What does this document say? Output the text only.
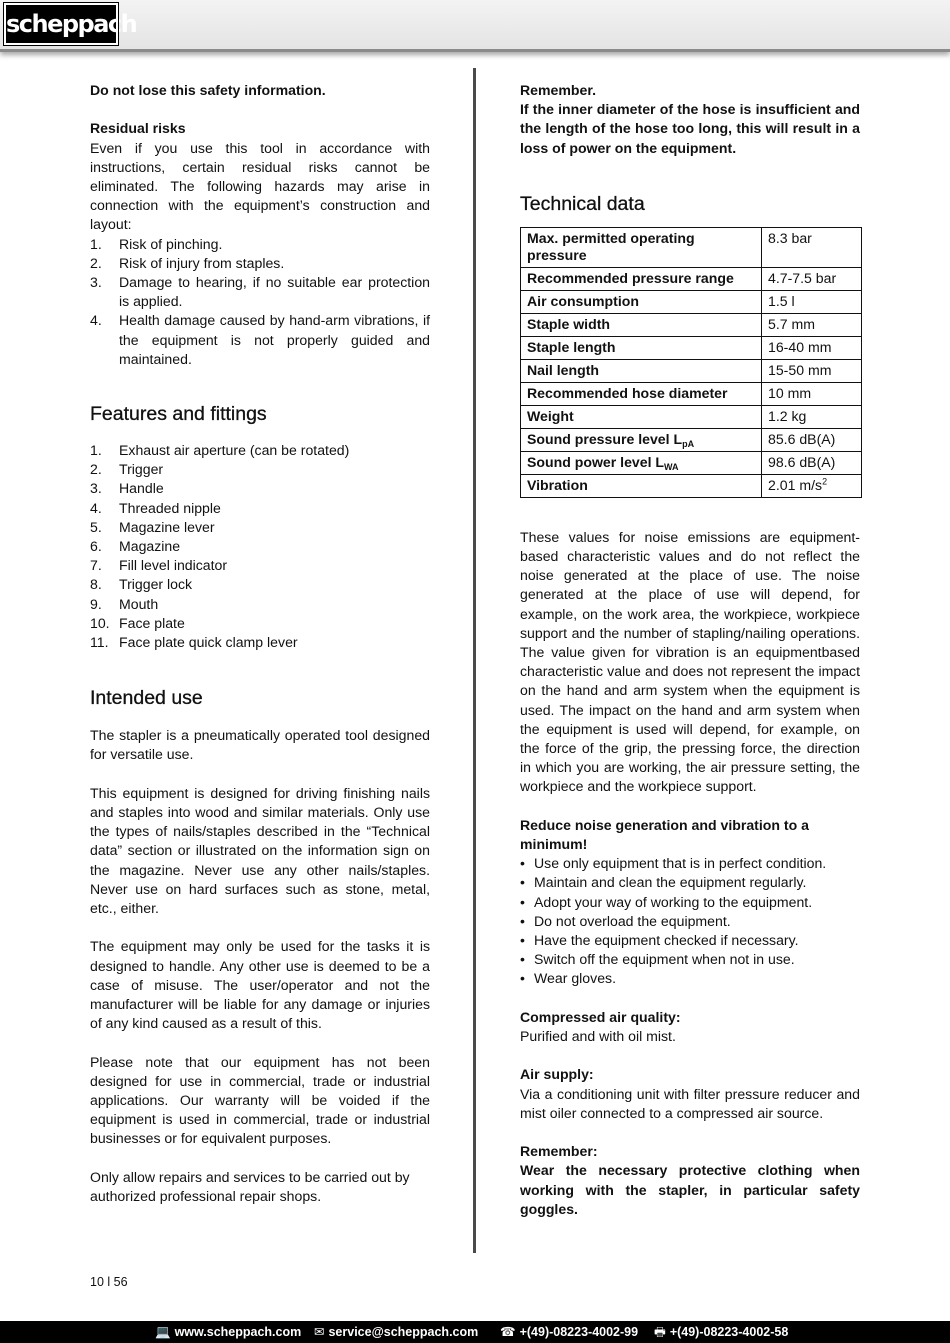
scheppach

Do not lose this safety information.

Residual risks

Even if you use this tool in accordance with instructions, certain residual risks cannot be eliminated. The following hazards may arise in connection with the equipment’s construction and layout:

1. Risk of pinching.
2. Risk of injury from staples.
3. Damage to hearing, if no suitable ear protection is applied.
4. Health damage caused by hand-arm vibrations, if the equipment is not properly guided and maintained.
Features and fittings
1. Exhaust air aperture (can be rotated)
2. Trigger
3. Handle
4. Threaded nipple
5. Magazine lever
6. Magazine
7. Fill level indicator
8. Trigger lock
9. Mouth
10. Face plate
11. Face plate quick clamp lever
Intended use

The stapler is a pneumatically operated tool designed for versatile use.

This equipment is designed for driving finishing nails and staples into wood and similar materials. Only use the types of nails/staples described in the “Technical data” section or illustrated on the information sign on the magazine. Never use any other nails/staples. Never use on hard surfaces such as stone, metal, etc., either.

The equipment may only be used for the tasks it is designed to handle. Any other use is deemed to be a case of misuse. The user/operator and not the manufacturer will be liable for any damage or injuries of any kind caused as a result of this.

Please note that our equipment has not been designed for use in commercial, trade or industrial applications. Our warranty will be voided if the equipment is used in commercial, trade or industrial businesses or for equivalent purposes.

Only allow repairs and services to be carried out by authorized professional repair shops.

Remember.

If the inner diameter of the hose is insufficient and the length of the hose too long, this will result in a loss of power on the equipment.

Technical data
Max. permitted operating pressure	8.3 bar
Recommended pressure range	4.7-7.5 bar
Air consumption	1.5 l
Staple width	5.7 mm
Staple length	16-40 mm
Nail length	15-50 mm
Recommended hose diameter	10 mm
Weight	1.2 kg
Sound pressure level $L_{pA}$	85.6 dB(A)
Sound power level $L_{WA}$	98.6 dB(A)
Vibration	2.01 $m/s^2$

These values for noise emissions are equipment-based characteristic values and do not reflect the noise generated at the place of use. The noise generated at the place of use will depend, for example, on the work area, the workpiece, workpiece support and the number of stapling/nailing operations. The value given for vibration is an equipmentbased characteristic value and does not represent the impact on the hand and arm system when the equipment is used. The impact on the hand and arm system when the equipment is used will depend, for example, on the force of the grip, the pressing force, the direction in which you are working, the air pressure setting, the workpiece and the workpiece support.

Reduce noise generation and vibration to a minimum!

• Use only equipment that is in perfect condition.
• Maintain and clean the equipment regularly.
• Adopt your way of working to the equipment.
• Do not overload the equipment.
• Have the equipment checked if necessary.
• Switch off the equipment when not in use.
• Wear gloves.

Compressed air quality:

Purified and with oil mist.

Air supply:

Via a conditioning unit with filter pressure reducer and mist oiler connected to a compressed air source.

Remember:

Wear the necessary protective clothing when working with the stapler, in particular safety goggles.

10 l 56
💻 www.scheppach.com ✉ service@scheppach.com ☎ +(49)-08223-4002-99 🖶 +(49)-08223-4002-58
